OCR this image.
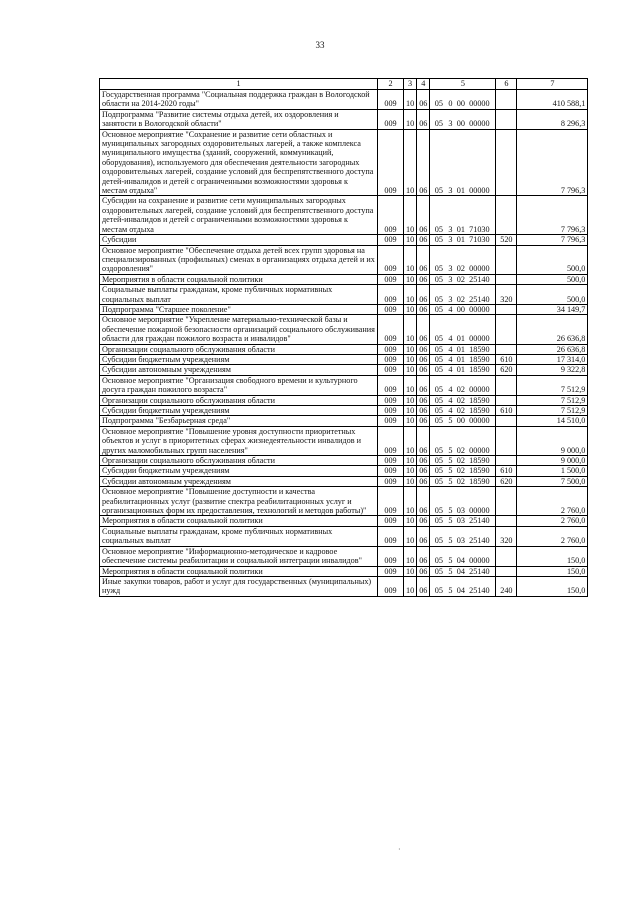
33
1	2	3	4	5	6	7
Государственная программа "Социальная поддержка граждан в Вологодской области на 2014-2020 годы"	009	10	06	05 0 00 00000		410 588,1
Подпрограмма "Развитие системы отдыха детей, их оздоровления и занятости в Вологодской области"	009	10	06	05 3 00 00000		8 296,3
Основное мероприятие "Сохранение и развитие сети областных и муниципальных загородных оздоровительных лагерей, а также комплекса муниципального имущества (зданий, сооружений, коммуникаций, оборудования), используемого для обеспечения деятельности загородных оздоровительных лагерей, создание условий для беспрепятственного доступа детей-инвалидов и детей с ограниченными возможностями здоровья к местам отдыха"	009	10	06	05 3 01 00000		7 796,3
Субсидии на сохранение и развитие сети муниципальных загородных оздоровительных лагерей, создание условий для беспрепятственного доступа детей-инвалидов и детей с ограниченными возможностями здоровья к местам отдыха	009	10	06	05 3 01 71030		7 796,3
Субсидии	009	10	06	05 3 01 71030	520	7 796,3
Основное мероприятие "Обеспечение отдыха детей всех групп здоровья на специализированных (профильных) сменах в организациях отдыха детей и их оздоровления"	009	10	06	05 3 02 00000		500,0
Мероприятия в области социальной политики	009	10	06	05 3 02 25140		500,0
Социальные выплаты гражданам, кроме публичных нормативных социальных выплат	009	10	06	05 3 02 25140	320	500,0
Подпрограмма "Старшее поколение"	009	10	06	05 4 00 00000		34 149,7
Основное мероприятие "Укрепление материально-технической базы и обеспечение пожарной безопасности организаций социального обслуживания области для граждан пожилого возраста и инвалидов"	009	10	06	05 4 01 00000		26 636,8
Организации социального обслуживания области	009	10	06	05 4 01 18590		26 636,8
Субсидии бюджетным учреждениям	009	10	06	05 4 01 18590	610	17 314,0
Субсидии автономным учреждениям	009	10	06	05 4 01 18590	620	9 322,8
Основное мероприятие "Организация свободного времени и культурного досуга граждан пожилого возраста"	009	10	06	05 4 02 00000		7 512,9
Организации социального обслуживания области	009	10	06	05 4 02 18590		7 512,9
Субсидии бюджетным учреждениям	009	10	06	05 4 02 18590	610	7 512,9
Подпрограмма "Безбарьерная среда"	009	10	06	05 5 00 00000		14 510,0
Основное мероприятие "Повышение уровня доступности приоритетных объектов и услуг в приоритетных сферах жизнедеятельности инвалидов и других маломобильных групп населения"	009	10	06	05 5 02 00000		9 000,0
Организации социального обслуживания области	009	10	06	05 5 02 18590		9 000,0
Субсидии бюджетным учреждениям	009	10	06	05 5 02 18590	610	1 500,0
Субсидии автономным учреждениям	009	10	06	05 5 02 18590	620	7 500,0
Основное мероприятие "Повышение доступности и качества реабилитационных услуг (развитие спектра реабилитационных услуг и организационных форм их предоставления, технологий и методов работы)"	009	10	06	05 5 03 00000		2 760,0
Мероприятия в области социальной политики	009	10	06	05 5 03 25140		2 760,0
Социальные выплаты гражданам, кроме публичных нормативных социальных выплат	009	10	06	05 5 03 25140	320	2 760,0
Основное мероприятие "Информационно-методическое и кадровое обеспечение системы реабилитации и социальной интеграции инвалидов"	009	10	06	05 5 04 00000		150,0
Мероприятия в области социальной политики	009	10	06	05 5 04 25140		150,0
Иные закупки товаров, работ и услуг для государственных (муниципальных) нужд	009	10	06	05 5 04 25140	240	150,0
·
